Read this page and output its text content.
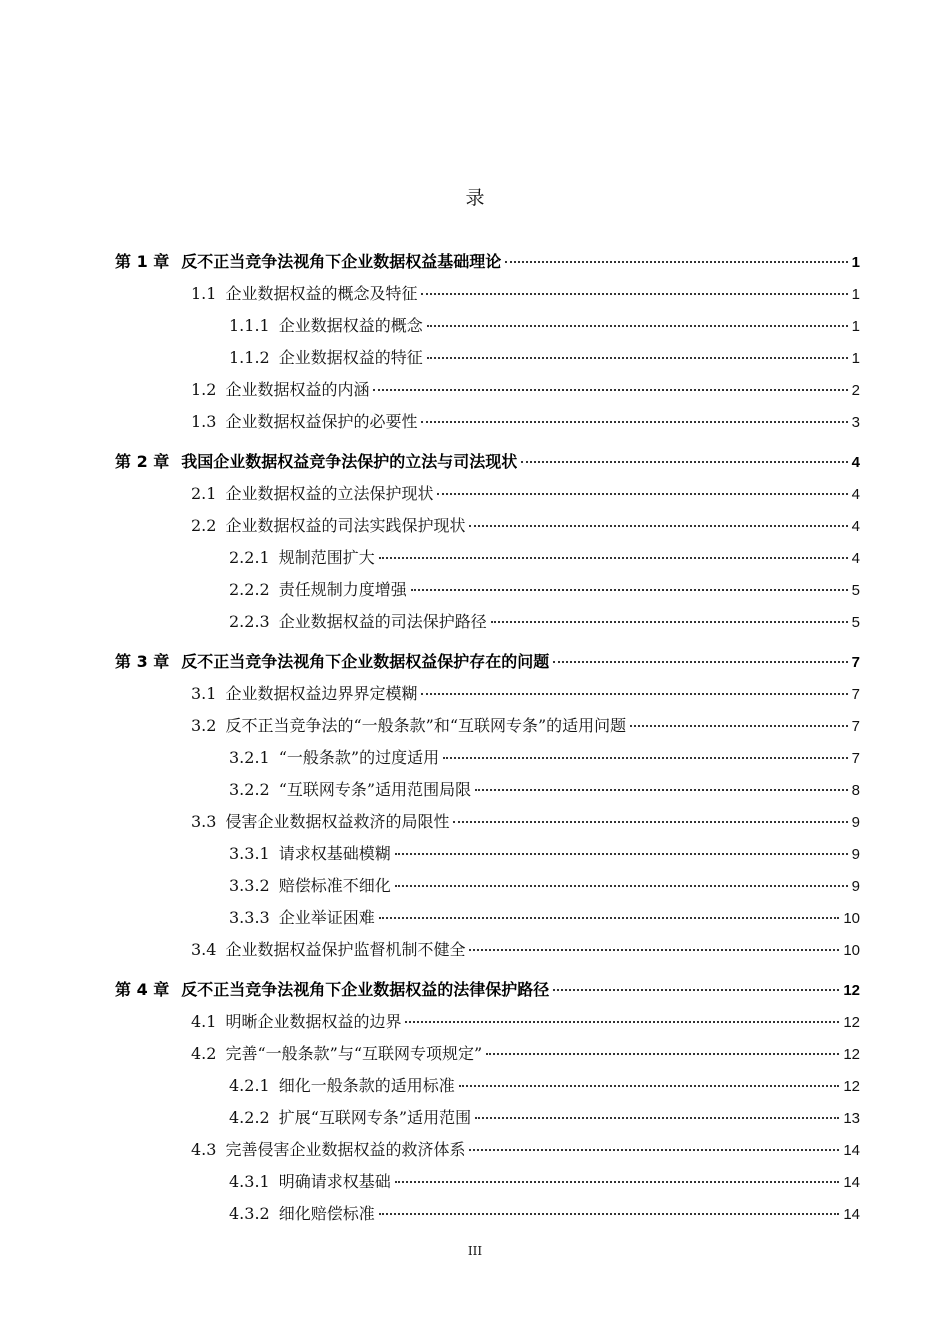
录
第 1 章 反不正当竞争法视角下企业数据权益基础理论	1
1.1 企业数据权益的概念及特征	1
1.1.1 企业数据权益的概念	1
1.1.2 企业数据权益的特征	1
1.2 企业数据权益的内涵	2
1.3 企业数据权益保护的必要性	3
第 2 章 我国企业数据权益竞争法保护的立法与司法现状	4
2.1 企业数据权益的立法保护现状	4
2.2 企业数据权益的司法实践保护现状	4
2.2.1 规制范围扩大	4
2.2.2 责任规制力度增强	5
2.2.3 企业数据权益的司法保护路径	5
第 3 章 反不正当竞争法视角下企业数据权益保护存在的问题	7
3.1 企业数据权益边界界定模糊	7
3.2 反不正当竞争法的“一般条款”和“互联网专条”的适用问题	7
3.2.1 “一般条款”的过度适用	7
3.2.2 “互联网专条”适用范围局限	8
3.3 侵害企业数据权益救济的局限性	9
3.3.1 请求权基础模糊	9
3.3.2 赔偿标准不细化	9
3.3.3 企业举证困难	10
3.4 企业数据权益保护监督机制不健全	10
第 4 章 反不正当竞争法视角下企业数据权益的法律保护路径	12
4.1 明晰企业数据权益的边界	12
4.2 完善“一般条款”与“互联网专项规定”	12
4.2.1 细化一般条款的适用标准	12
4.2.2 扩展“互联网专条”适用范围	13
4.3 完善侵害企业数据权益的救济体系	14
4.3.1 明确请求权基础	14
4.3.2 细化赔偿标准	14
III
